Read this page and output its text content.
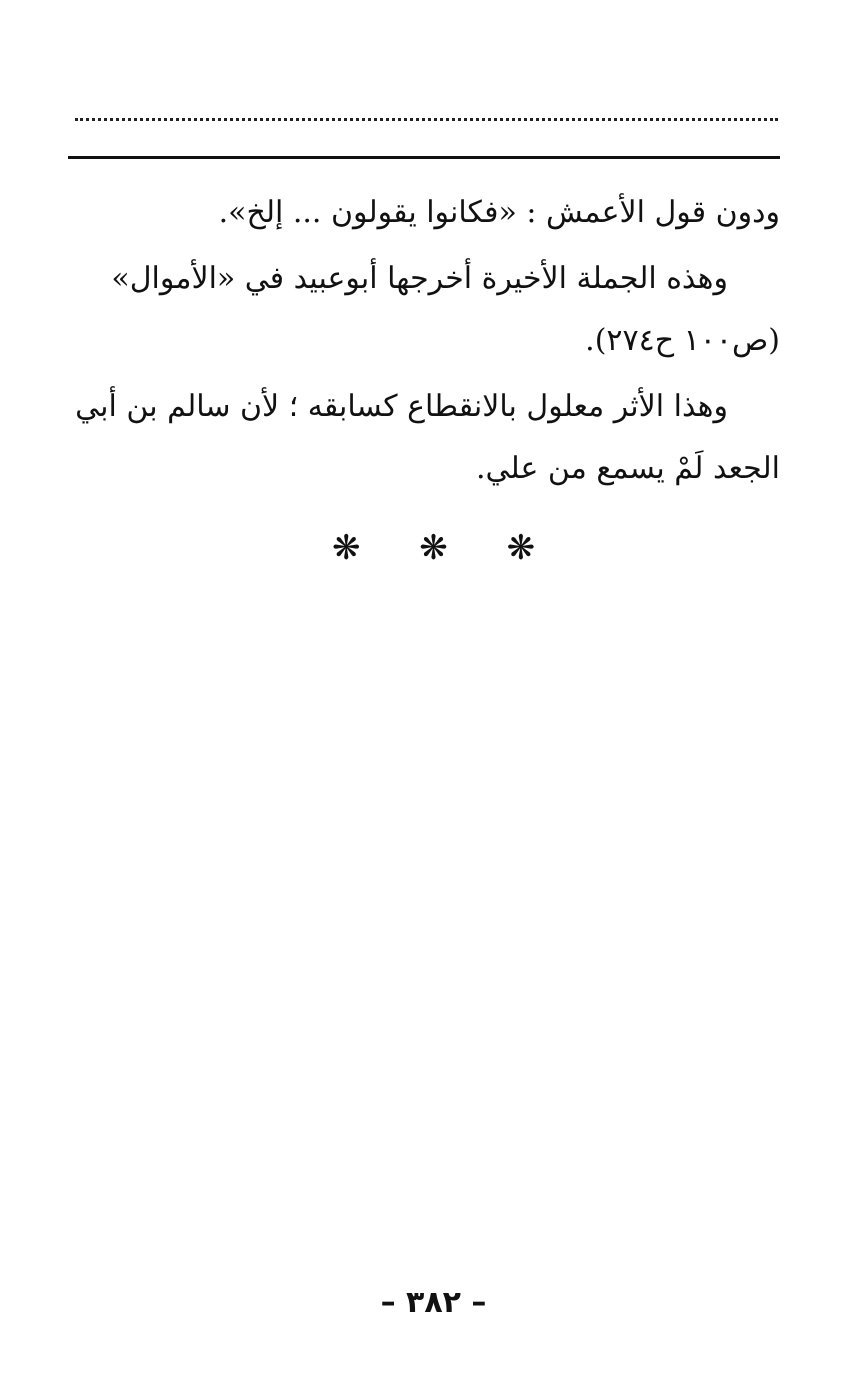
ودون قول الأعمش : «فكانوا يقولون ... إلخ».

وهذه الجملة الأخيرة أخرجها أبوعبيد في «الأموال» (ص١٠٠ ح٢٧٤).

وهذا الأثر معلول بالانقطاع كسابقه ؛ لأن سالم بن أبي الجعد لَمْ يسمع من علي.

❋ ❋ ❋
– ٣٨٢ –
